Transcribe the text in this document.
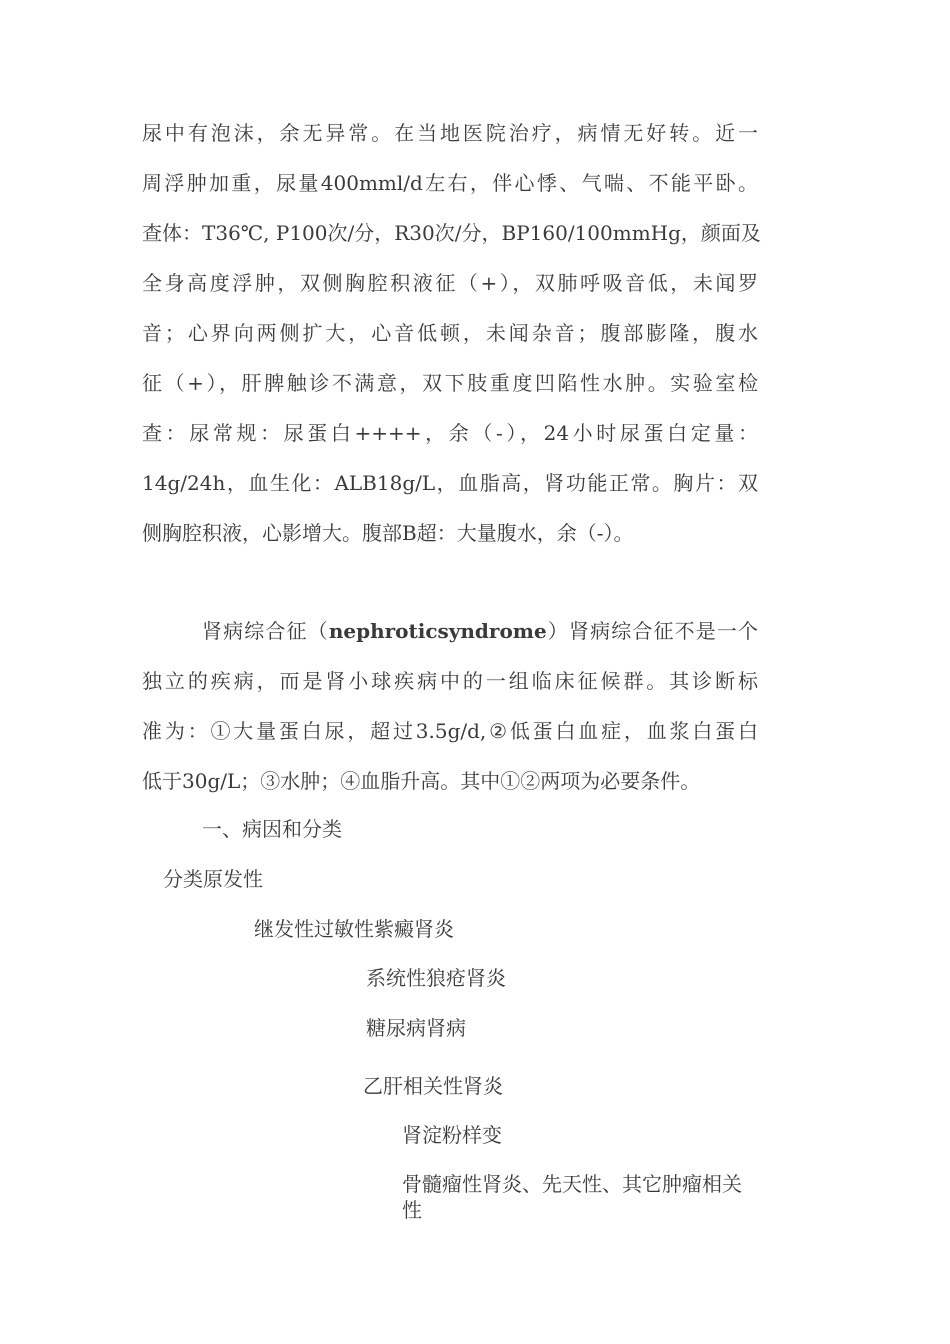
尿中有泡沫，余无异常。在当地医院治疗，病情无好转。近一
周浮肿加重，尿量400mml/d左右，伴心悸、气喘、不能平卧。
查体：T36℃, P100次/分，R30次/分，BP160/100mmHg，颜面及
全身高度浮肿，双侧胸腔积液征（+），双肺呼吸音低，未闻罗
音；心界向两侧扩大，心音低顿，未闻杂音；腹部膨隆，腹水
征（+），肝脾触诊不满意，双下肢重度凹陷性水肿。实验室检
查：尿常规：尿蛋白++++，余（-），24小时尿蛋白定量：
14g/24h，血生化：ALB18g/L，血脂高，肾功能正常。胸片：双
侧胸腔积液，心影增大。腹部B超：大量腹水，余（-）。
肾病综合征（nephroticsyndrome）肾病综合征不是一个
独立的疾病，而是肾小球疾病中的一组临床征候群。其诊断标
准为：①大量蛋白尿，超过3.5g/d,②低蛋白血症，血浆白蛋白
低于30g/L；③水肿；④血脂升高。其中①②两项为必要条件。

一、病因和分类

分类原发性

继发性过敏性紫癜肾炎

系统性狼疮肾炎

糖尿病肾病

乙肝相关性肾炎

肾淀粉样变

骨髓瘤性肾炎、先天性、其它肿瘤相关性
